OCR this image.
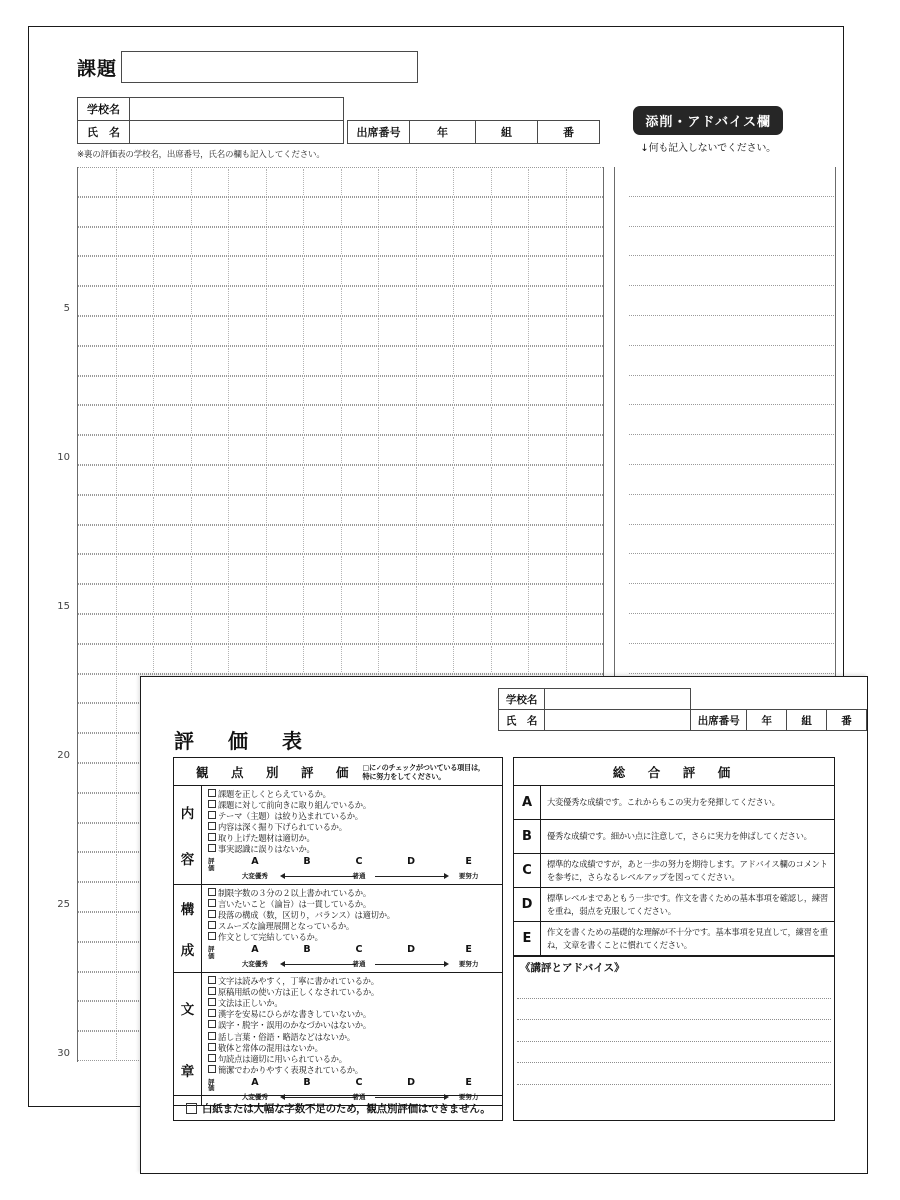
課題
学校名	
氏　名		出席番号	年	組	番
※裏の評価表の学校名，出席番号，氏名の欄も記入してください。
添削・アドバイス欄
↓何も記入しないでください。
5
10
15
20
25
30
学校名					
氏　名		出席番号	年	組	番
評　価　表
観　点　別　評　価 □に✓のチェックがついている項目は，
特に努力をしてください。
内
容
課題を正しくとらえているか。
課題に対して前向きに取り組んでいるか。
テーマ（主題）は絞り込まれているか。
内容は深く掘り下げられているか。
取り上げた題材は適切か。
事実認識に誤りはないか。
評
価
A	B	C	D	E
大変優秀	普通	要努力
構
成
制限字数の３分の２以上書かれているか。
言いたいこと（論旨）は一貫しているか。
段落の構成（数，区切り，バランス）は適切か。
スムーズな論理展開となっているか。
作文として完結しているか。
評
価
A	B	C	D	E
大変優秀	普通	要努力
文
章
文字は読みやすく，丁寧に書かれているか。
原稿用紙の使い方は正しくなされているか。
文法は正しいか。
漢字を安易にひらがな書きしていないか。
誤字・脱字・誤用のかなづかいはないか。
話し言葉・俗語・略語などはないか。
敬体と常体の混用はないか。
句読点は適切に用いられているか。
簡潔でわかりやすく表現されているか。
評
価
A	B	C	D	E
大変優秀	普通	要努力
白紙または大幅な字数不足のため，観点別評価はできません。
総　合　評　価
A	大変優秀な成績です。これからもこの実力を発揮してください。
B	優秀な成績です。細かい点に注意して，さらに実力を伸ばしてください。
C	標準的な成績ですが，あと一歩の努力を期待します。アドバイス欄のコメントを参考に，さらなるレベルアップを図ってください。
D	標準レベルまであともう一歩です。作文を書くための基本事項を確認し，練習を重ね，弱点を克服してください。
E	作文を書くための基礎的な理解が不十分です。基本事項を見直して，練習を重ね，文章を書くことに慣れてください。
《講評とアドバイス》
